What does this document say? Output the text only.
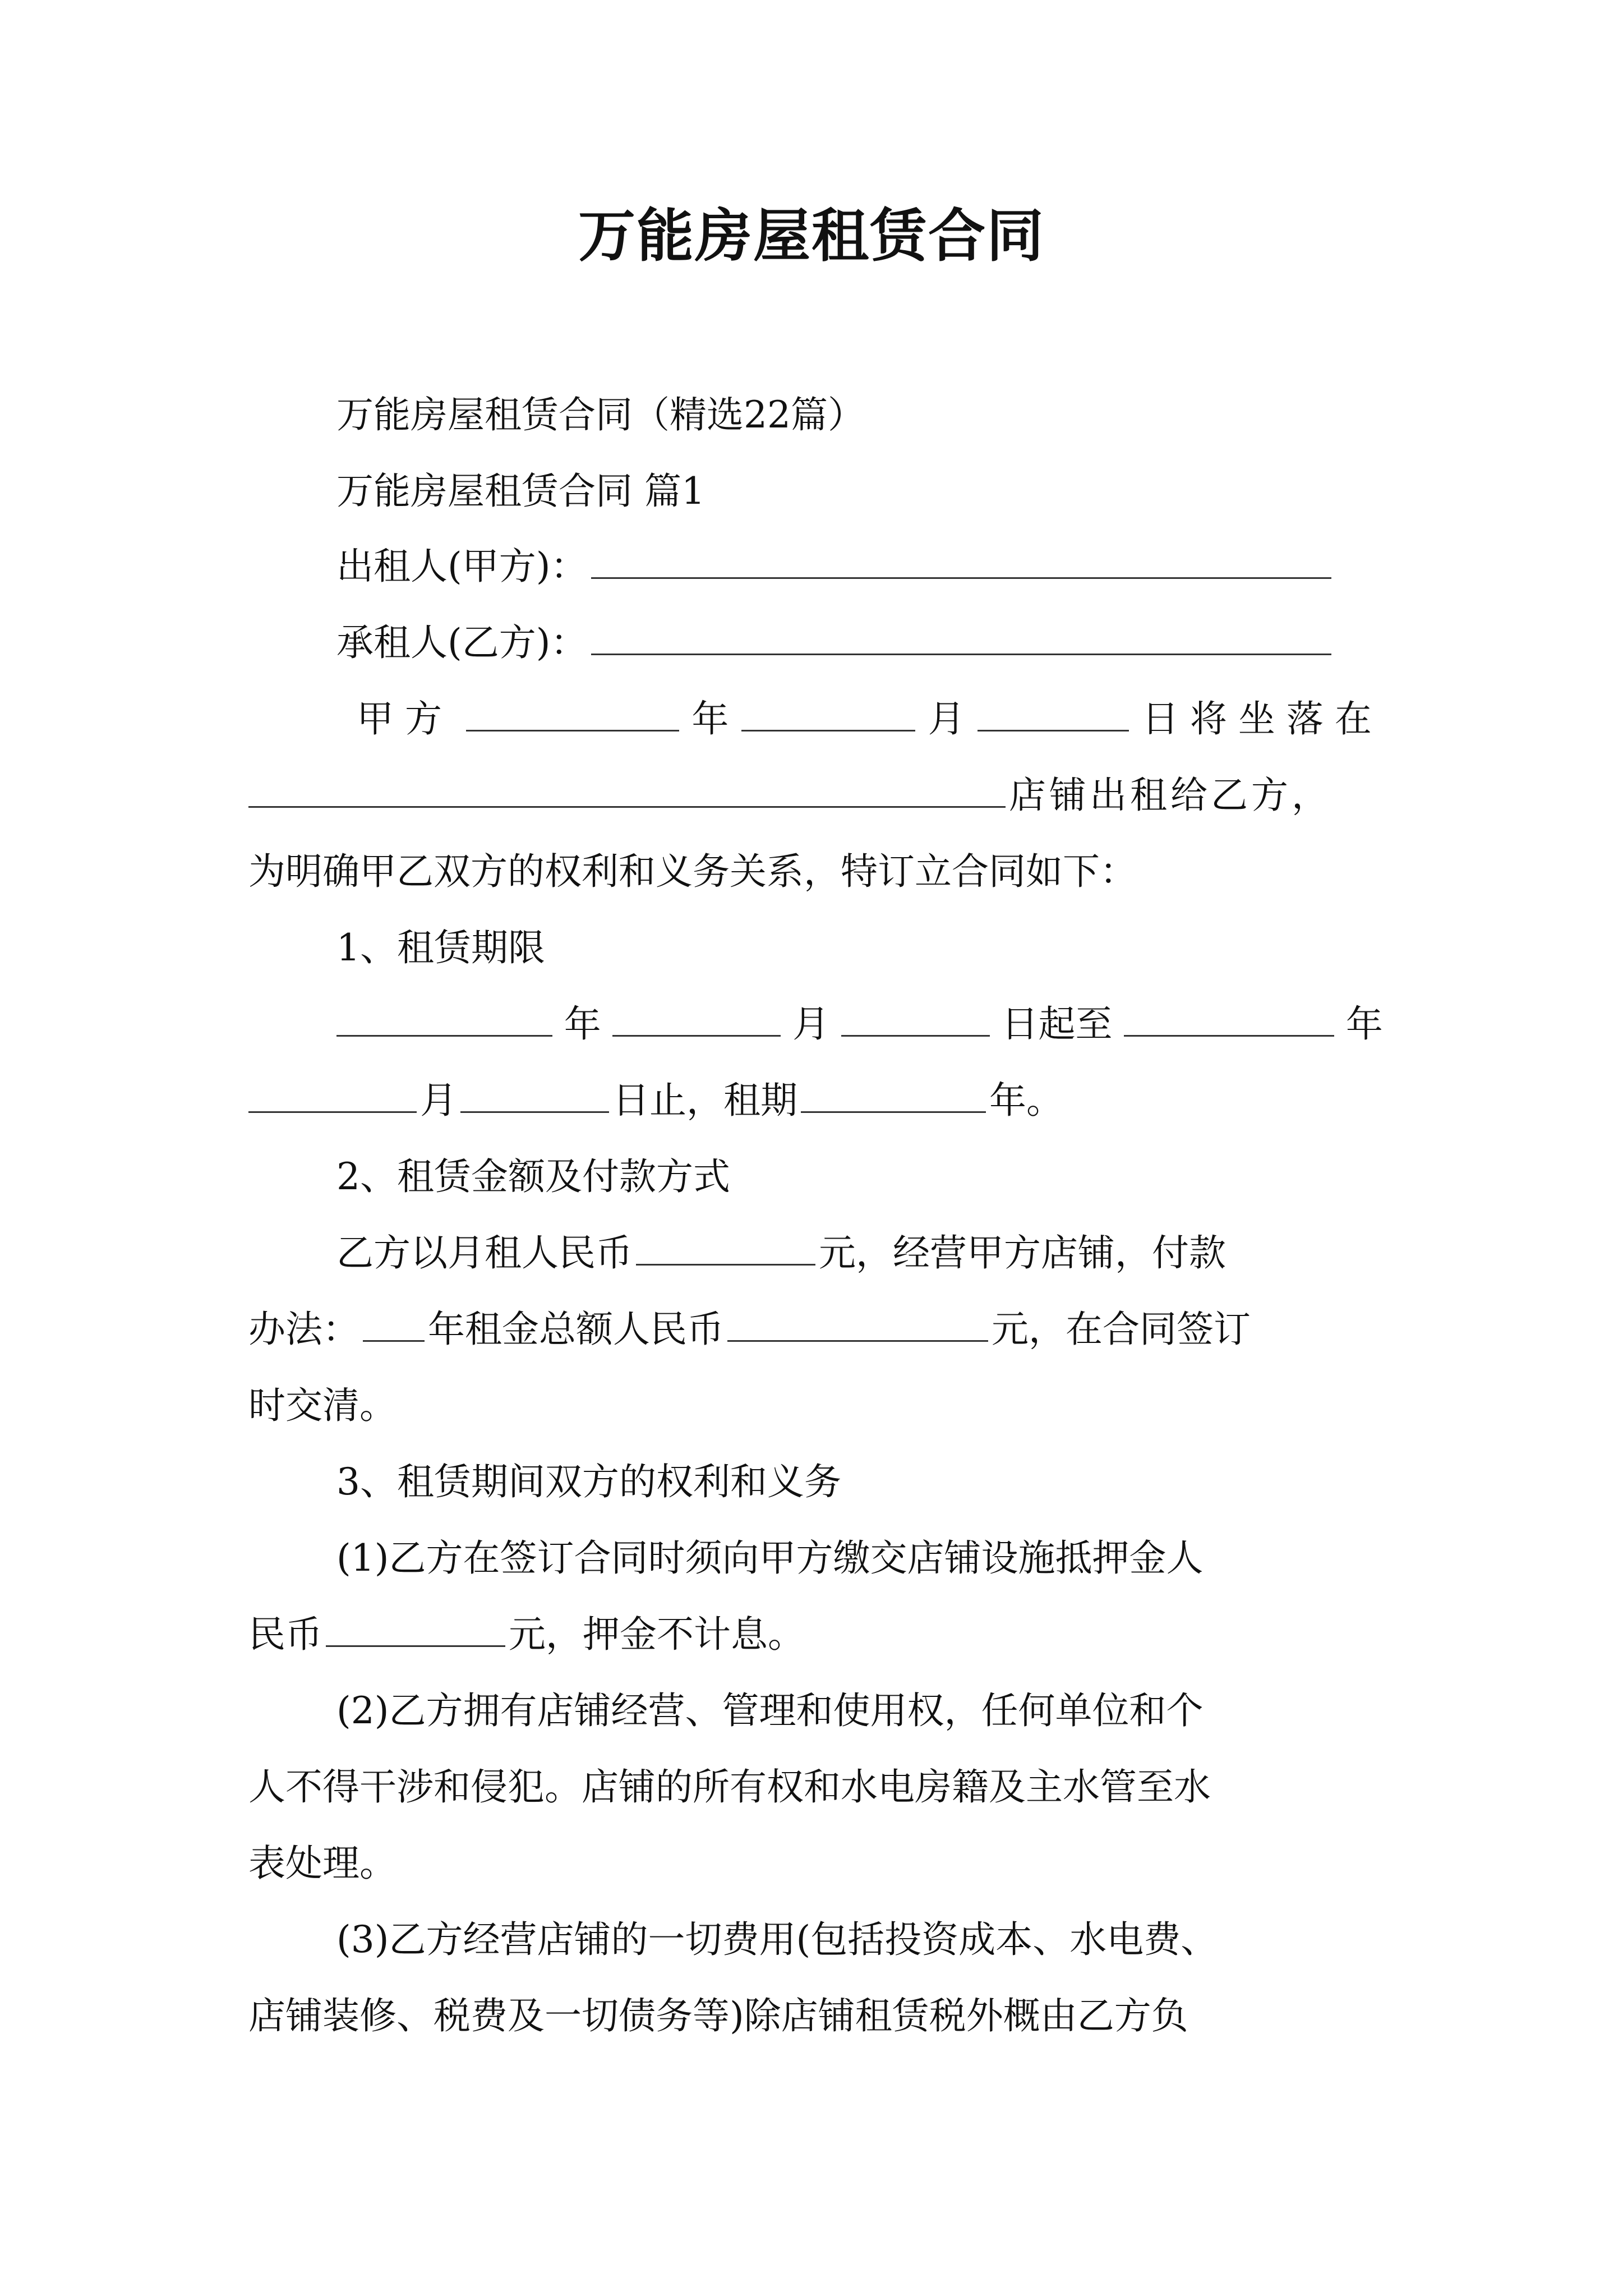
万能房屋租赁合同
万能房屋租赁合同（精选22篇）
万能房屋租赁合同 篇1
出租人(甲方)：
承租人(乙方)：
甲方	年	月	日将坐落在
店铺出租给乙方，
为明确甲乙双方的权利和义务关系，特订立合同如下：
1、租赁期限
年	月	日起至	年
月	日止，租期	年。
2、租赁金额及付款方式
乙方以月租人民币	元，经营甲方店铺，付款
办法： 年租金总额人民币	元，在合同签订
时交清。
3、租赁期间双方的权利和义务
(1)乙方在签订合同时须向甲方缴交店铺设施抵押金人
民币	元，押金不计息。
(2)乙方拥有店铺经营、管理和使用权，任何单位和个
人不得干涉和侵犯。店铺的所有权和水电房籍及主水管至水
表处理。
(3)乙方经营店铺的一切费用(包括投资成本、水电费、
店铺装修、税费及一切债务等)除店铺租赁税外概由乙方负
